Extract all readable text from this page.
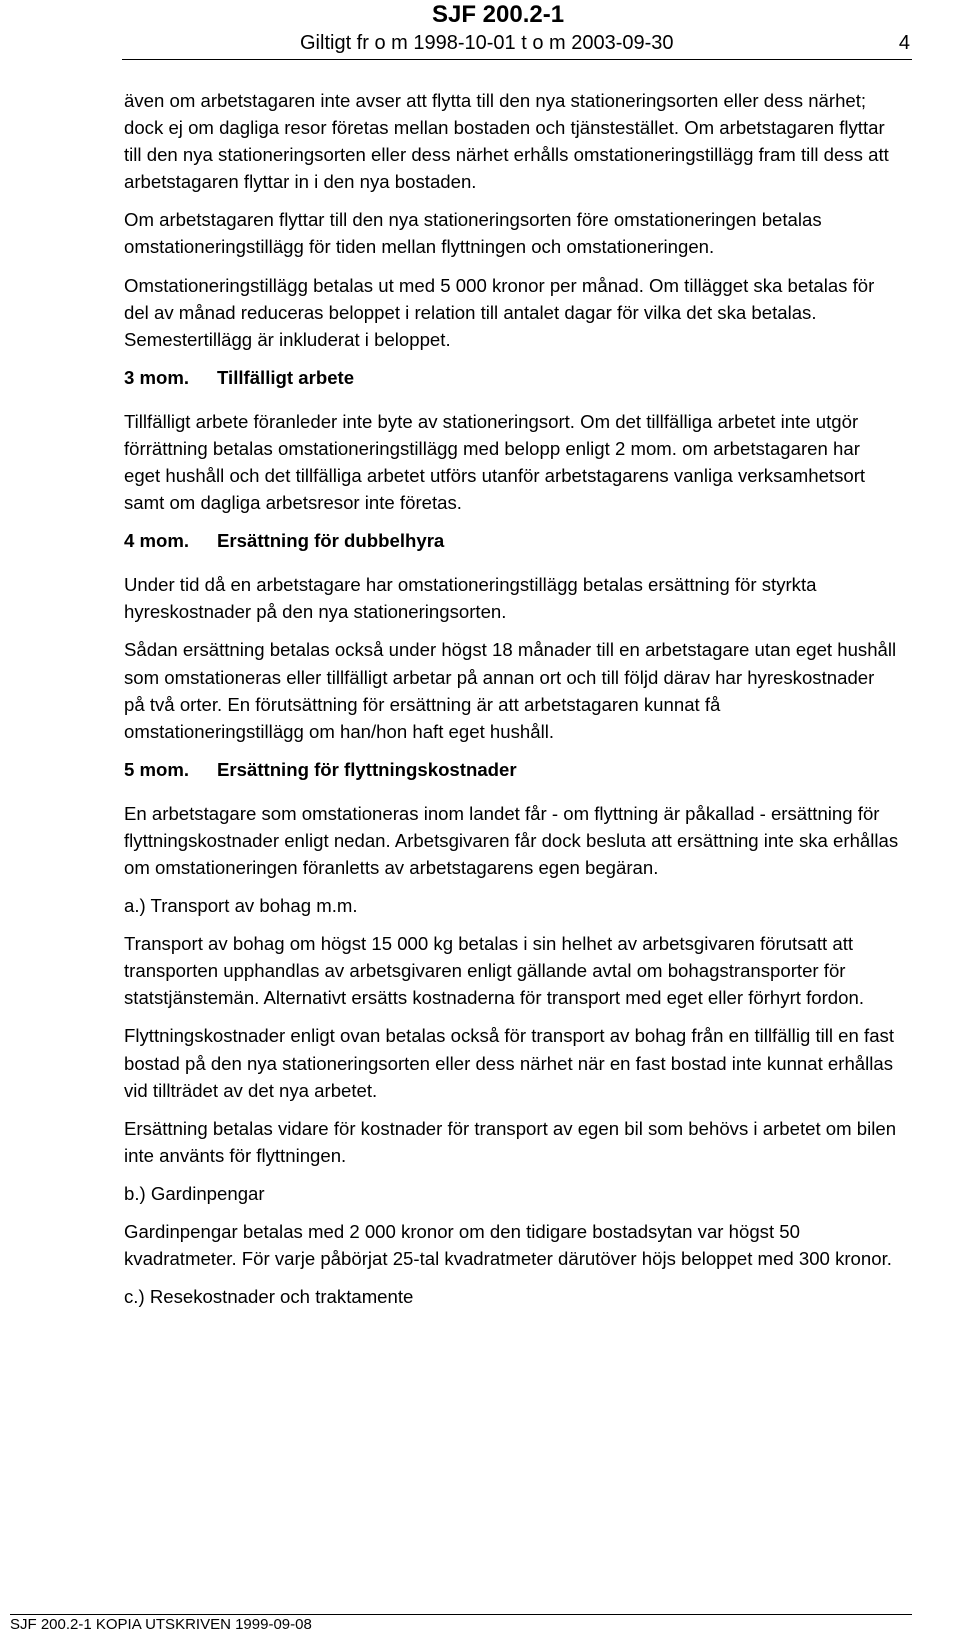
SJF 200.2-1
Giltigt fr o m 1998-10-01 t o m 2003-09-30	4

även om arbetstagaren inte avser att flytta till den nya stationeringsorten eller dess närhet; dock ej om dagliga resor företas mellan bostaden och tjänstestället. Om arbetstagaren flyttar till den nya stationeringsorten eller dess närhet erhålls omstationeringstillägg fram till dess att arbetstagaren flyttar in i den nya bostaden.

Om arbetstagaren flyttar till den nya stationeringsorten före omstationeringen betalas omstationeringstillägg för tiden mellan flyttningen och omstationeringen.

Omstationeringstillägg betalas ut med 5 000 kronor per månad. Om tillägget ska betalas för del av månad reduceras beloppet i relation till antalet dagar för vilka det ska betalas. Semestertillägg är inkluderat i beloppet.

3 mom. Tillfälligt arbete

Tillfälligt arbete föranleder inte byte av stationeringsort. Om det tillfälliga arbetet inte utgör förrättning betalas omstationeringstillägg med belopp enligt 2 mom. om arbetstagaren har eget hushåll och det tillfälliga arbetet utförs utanför arbetstagarens vanliga verksamhetsort samt om dagliga arbetsresor inte företas.

4 mom. Ersättning för dubbelhyra

Under tid då en arbetstagare har omstationeringstillägg betalas ersättning för styrkta hyreskostnader på den nya stationeringsorten.

Sådan ersättning betalas också under högst 18 månader till en arbetstagare utan eget hushåll som omstationeras eller tillfälligt arbetar på annan ort och till följd därav har hyreskostnader på två orter. En förutsättning för ersättning är att arbetstagaren kunnat få omstationeringstillägg om han/hon haft eget hushåll.

5 mom. Ersättning för flyttningskostnader

En arbetstagare som omstationeras inom landet får - om flyttning är påkallad - ersättning för flyttningskostnader enligt nedan. Arbetsgivaren får dock besluta att ersättning inte ska erhållas om omstationeringen föranletts av arbetstagarens egen begäran.

a.) Transport av bohag m.m.

Transport av bohag om högst 15 000 kg betalas i sin helhet av arbetsgivaren förutsatt att transporten upphandlas av arbetsgivaren enligt gällande avtal om bohagstransporter för statstjänstemän. Alternativt ersätts kostnaderna för transport med eget eller förhyrt fordon.

Flyttningskostnader enligt ovan betalas också för transport av bohag från en tillfällig till en fast bostad på den nya stationeringsorten eller dess närhet när en fast bostad inte kunnat erhållas vid tillträdet av det nya arbetet.

Ersättning betalas vidare för kostnader för transport av egen bil som behövs i arbetet om bilen inte använts för flyttningen.

b.) Gardinpengar

Gardinpengar betalas med 2 000 kronor om den tidigare bostadsytan var högst 50 kvadratmeter. För varje påbörjat 25-tal kvadratmeter därutöver höjs beloppet med 300 kronor.

c.) Resekostnader och traktamente

SJF 200.2-1 KOPIA UTSKRIVEN 1999-09-08
